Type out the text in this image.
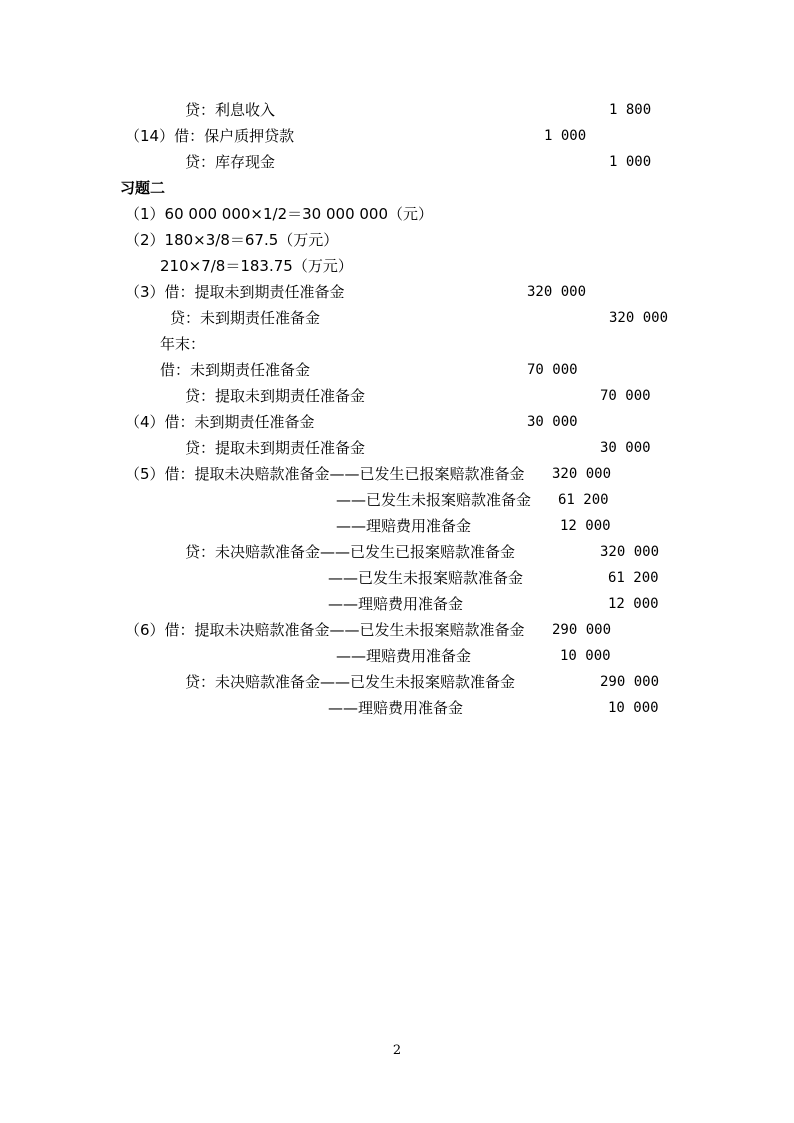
贷：利息收入	1 800
（14）借：保户质押贷款	1 000
贷：库存现金	1 000
习题二
（1）60 000 000×1/2＝30 000 000（元）
（2）180×3/8＝67.5（万元）
210×7/8＝183.75（万元）
（3）借：提取未到期责任准备金	320 000
贷：未到期责任准备金	320 000
年末：
借：未到期责任准备金	70 000
贷：提取未到期责任准备金	70 000
（4）借：未到期责任准备金	30 000
贷：提取未到期责任准备金	30 000
（5）借：提取未决赔款准备金——已发生已报案赔款准备金 320 000
——已发生未报案赔款准备金 61 200
——理赔费用准备金	12 000
贷：未决赔款准备金——已发生已报案赔款准备金	320 000
——已发生未报案赔款准备金	61 200
——理赔费用准备金	12 000
（6）借：提取未决赔款准备金——已发生未报案赔款准备金 290 000
——理赔费用准备金	10 000
贷：未决赔款准备金——已发生未报案赔款准备金	290 000
——理赔费用准备金	10 000
2
